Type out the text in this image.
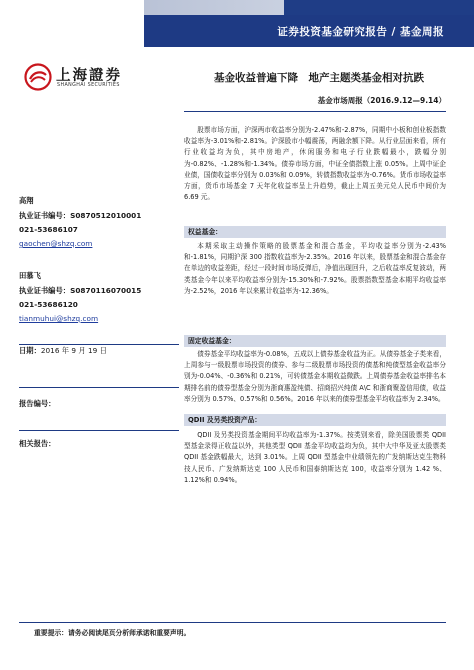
证券投资基金研究报告 / 基金周报
上海證券
SHANGHAI SECURITIES
基金收益普遍下降　地产主题类基金相对抗跌
基金市场周报（2016.9.12—9.14）
高翔
执业证书编号：S0870512010001
021-53686107
gaochen@shzq.com
田慕飞
执业证书编号：S0870116070015
021-53686120
tianmuhui@shzq.com
日期：2016 年 9 月 19 日
报告编号：
相关报告：

股票市场方面，沪深两市收益率分别为-2.47%和-2.87%，同期中小板和创业板指数收益率为-3.01%和-2.81%。沪深股市小幅震荡，两融余额下降。从行业层面来看，所有行业收益均为负，其中房地产，休闲服务和电子行业跌幅最小，跌幅分别为-0.82%、-1.28%和-1.34%。债券市场方面，中证全债指数上涨 0.05%。上周中证企业债，国债收益率分别为 0.03%和 0.09%，转债指数收益率为-0.76%。货币市场收益率方面，货币市场基金 7 天年化收益率呈上升趋势，截止上周五美元兑人民币中间价为 6.69 元。

权益基金：

本期采取主动操作策略的股票基金和混合基金，平均收益率分别为-2.43%和-1.81%，同期沪深 300 指数收益率为-2.35%。2016 年以来，股票基金和混合基金存在单边的收益差距，经过一段时间市场反弹后，净值出现回升，之后收益率反复波动，两类基金今年以来平均收益率分别为-15.30%和-7.92%。股票指数型基金本期平均收益率为-2.52%，2016 年以来累计收益率为-12.36%。

固定收益基金：

债券基金平均收益率为-0.08%，五成以上债券基金收益为正。从债券基金子类来看，上周参与一级股票市场投资的债券、参与二级股票市场投资的债基和纯债型基金收益率分别为-0.04%、-0.36%和 0.21%，可转债基金本期收益微跌。上周债券基金收益率排名本期排名前的债券型基金分别为浙商惠盈纯债、招商招兴纯债 A\C 和浙商聚盈信用债，收益率分别为 0.57%、0.57%和 0.56%。2016 年以来的债券型基金平均收益率为 2.34%。

QDII 及另类投资产品：

QDII 及另类投资基金期间平均收益率为-1.37%。按类别来看，除美国股票类 QDII 型基金录得正收益以外，其他类型 QDII 基金平均收益均为负，其中大中华及亚太股票类 QDII 基金跌幅最大，达到 3.01%。上周 QDII 型基金中业绩领先的广发纳斯达克生物科技人民币、广发纳斯达克 100 人民币和国泰纳斯达克 100，收益率分别为 1.42 %、1.12%和 0.94%。

重要提示：请务必阅读尾页分析师承诺和重要声明。
